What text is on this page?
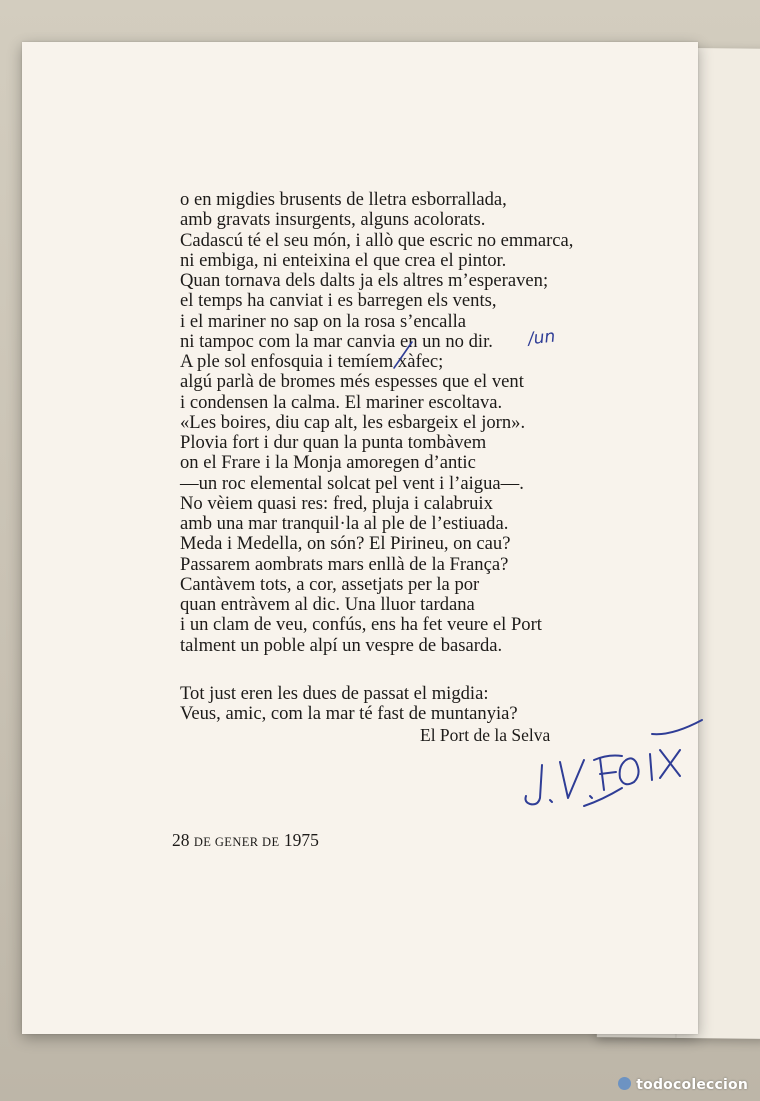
o en migdies brusents de lletra esborrallada,
amb gravats insurgents, alguns acolorats.
Cadascú té el seu món, i allò que escric no emmarca,
ni embiga, ni enteixina el que crea el pintor.
Quan tornava dels dalts ja els altres m’esperaven;
el temps ha canviat i es barregen els vents,
i el mariner no sap on la rosa s’encalla
ni tampoc com la mar canvia en un no dir.
A ple sol enfosquia i temíem xàfec;
algú parlà de bromes més espesses que el vent
i condensen la calma. El mariner escoltava.
«Les boires, diu cap alt, les esbargeix el jorn».
Plovia fort i dur quan la punta tombàvem
on el Frare i la Monja amoregen d’antic
—un roc elemental solcat pel vent i l’aigua—.
No vèiem quasi res: fred, pluja i calabruix
amb una mar tranquil·la al ple de l’estiuada.
Meda i Medella, on són? El Pirineu, on cau?
Passarem aombrats mars enllà de la França?
Cantàvem tots, a cor, assetjats per la por
quan entràvem al dic. Una lluor tardana
i un clam de veu, confús, ens ha fet veure el Port
talment un poble alpí un vespre de basarda.
Tot just eren les dues de passat el migdia:
Veus, amic, com la mar té fast de muntanyia?
El Port de la Selva
28 DE GENER DE 1975
/un
todocoleccion
